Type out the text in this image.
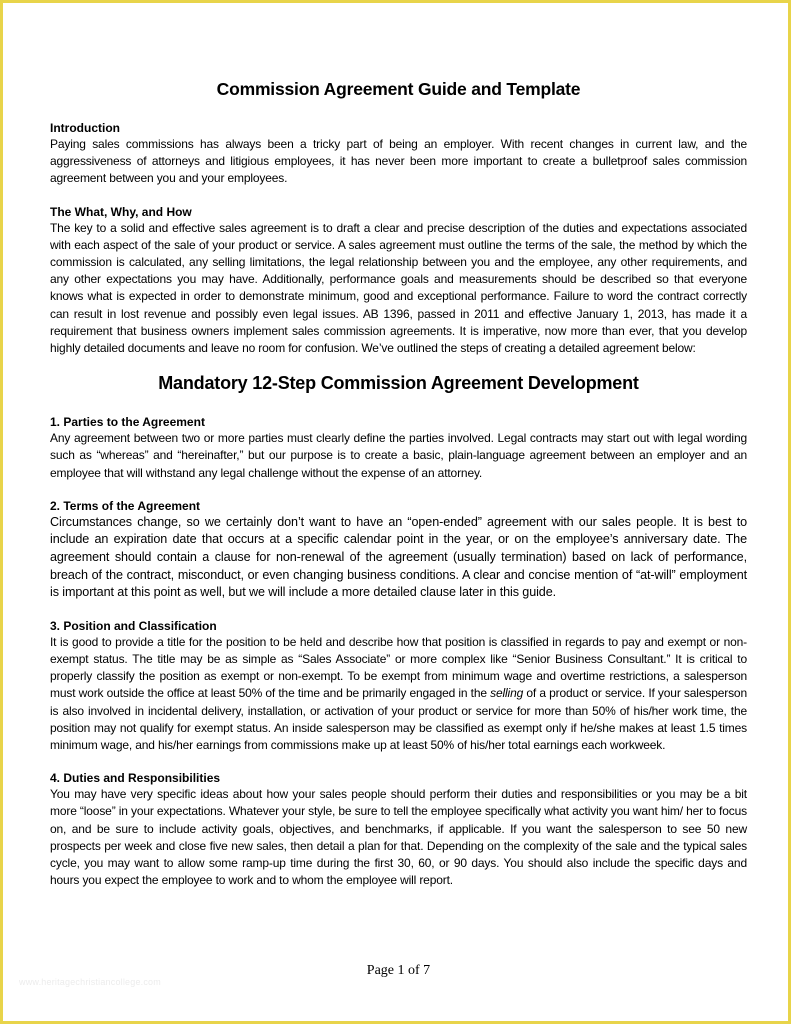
Commission Agreement Guide and Template

Introduction

Paying sales commissions has always been a tricky part of being an employer. With recent changes in current law, and the aggressiveness of attorneys and litigious employees, it has never been more important to create a bulletproof sales commission agreement between you and your employees.

The What, Why, and How

The key to a solid and effective sales agreement is to draft a clear and precise description of the duties and expectations associated with each aspect of the sale of your product or service. A sales agreement must outline the terms of the sale, the method by which the commission is calculated, any selling limitations, the legal relationship between you and the employee, any other requirements, and any other expectations you may have. Additionally, performance goals and measurements should be described so that everyone knows what is expected in order to demonstrate minimum, good and exceptional performance. Failure to word the contract correctly can result in lost revenue and possibly even legal issues. AB 1396, passed in 2011 and effective January 1, 2013, has made it a requirement that business owners implement sales commission agreements. It is imperative, now more than ever, that you develop highly detailed documents and leave no room for confusion. We’ve outlined the steps of creating a detailed agreement below:

Mandatory 12-Step Commission Agreement Development

1. Parties to the Agreement

Any agreement between two or more parties must clearly define the parties involved. Legal contracts may start out with legal wording such as “whereas” and “hereinafter,” but our purpose is to create a basic, plain-language agreement between an employer and an employee that will withstand any legal challenge without the expense of an attorney.

2. Terms of the Agreement

Circumstances change, so we certainly don’t want to have an “open-ended” agreement with our sales people. It is best to include an expiration date that occurs at a specific calendar point in the year, or on the employee’s anniversary date. The agreement should contain a clause for non-renewal of the agreement (usually termination) based on lack of performance, breach of the contract, misconduct, or even changing business conditions. A clear and concise mention of “at-will” employment is important at this point as well, but we will include a more detailed clause later in this guide.

3. Position and Classification

It is good to provide a title for the position to be held and describe how that position is classified in regards to pay and exempt or non-exempt status. The title may be as simple as “Sales Associate” or more complex like “Senior Business Consultant.” It is critical to properly classify the position as exempt or non-exempt. To be exempt from minimum wage and overtime restrictions, a salesperson must work outside the office at least 50% of the time and be primarily engaged in the selling of a product or service. If your salesperson is also involved in incidental delivery, installation, or activation of your product or service for more than 50% of his/her work time, the position may not qualify for exempt status. An inside salesperson may be classified as exempt only if he/she makes at least 1.5 times minimum wage, and his/her earnings from commissions make up at least 50% of his/her total earnings each workweek.

4. Duties and Responsibilities

You may have very specific ideas about how your sales people should perform their duties and responsibilities or you may be a bit more “loose” in your expectations. Whatever your style, be sure to tell the employee specifically what activity you want him/ her to focus on, and be sure to include activity goals, objectives, and benchmarks, if applicable. If you want the salesperson to see 50 new prospects per week and close five new sales, then detail a plan for that. Depending on the complexity of the sale and the typical sales cycle, you may want to allow some ramp-up time during the first 30, 60, or 90 days. You should also include the specific days and hours you expect the employee to work and to whom the employee will report.

www.heritagechristiancollege.com
Page 1 of 7
